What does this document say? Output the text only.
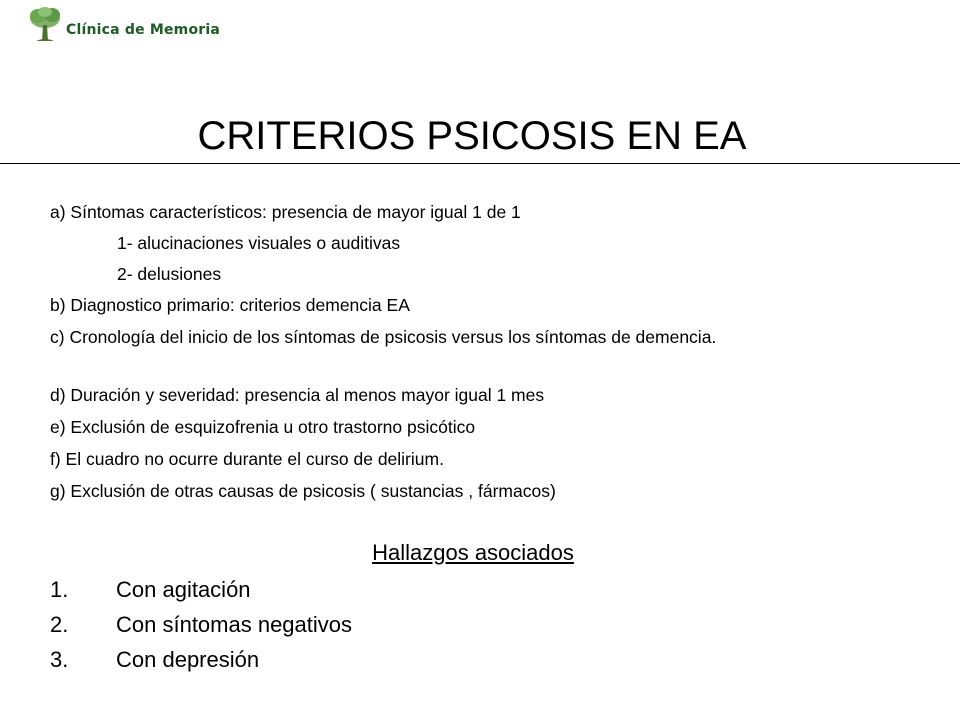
Clínica de Memoria
CRITERIOS PSICOSIS EN EA
a) Síntomas característicos: presencia de mayor igual 1 de 1
1- alucinaciones visuales o auditivas
2- delusiones
b) Diagnostico primario: criterios demencia EA
c) Cronología del inicio de los síntomas de psicosis versus los síntomas de demencia.
d) Duración y severidad: presencia al menos mayor igual 1 mes
e) Exclusión de esquizofrenia u otro trastorno psicótico
f) El cuadro no ocurre durante el curso de delirium.
g) Exclusión de otras causas de psicosis ( sustancias , fármacos)
Hallazgos asociados
1. Con agitación
2. Con síntomas negativos
3. Con depresión
